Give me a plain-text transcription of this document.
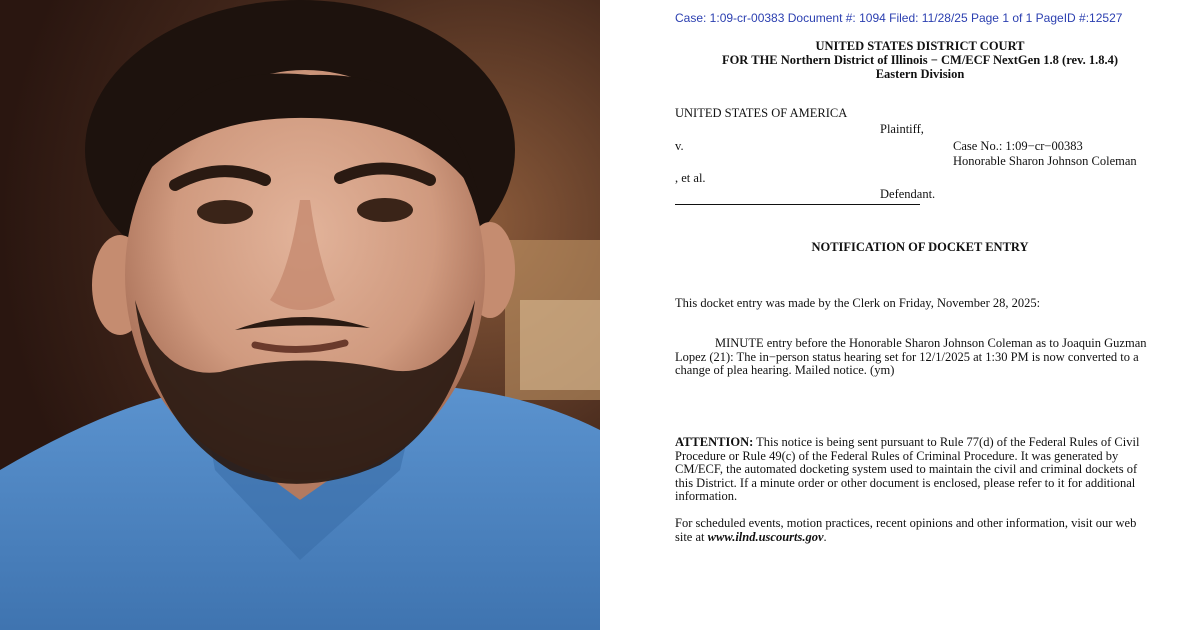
Case: 1:09-cr-00383 Document #: 1094 Filed: 11/28/25 Page 1 of 1 PageID #:12527
UNITED STATES DISTRICT COURT
FOR THE Northern District of Illinois − CM/ECF NextGen 1.8 (rev. 1.8.4)
Eastern Division
UNITED STATES OF AMERICA
Plaintiff,
v.	Case No.: 1:09−cr−00383
Honorable Sharon Johnson Coleman
, et al.
Defendant.
NOTIFICATION OF DOCKET ENTRY
This docket entry was made by the Clerk on Friday, November 28, 2025:
MINUTE entry before the Honorable Sharon Johnson Coleman as to Joaquin Guzman Lopez (21): The in−person status hearing set for 12/1/2025 at 1:30 PM is now converted to a change of plea hearing. Mailed notice. (ym)
ATTENTION: This notice is being sent pursuant to Rule 77(d) of the Federal Rules of Civil Procedure or Rule 49(c) of the Federal Rules of Criminal Procedure. It was generated by CM/ECF, the automated docketing system used to maintain the civil and criminal dockets of this District. If a minute order or other document is enclosed, please refer to it for additional information.
For scheduled events, motion practices, recent opinions and other information, visit our web site at www.ilnd.uscourts.gov.
